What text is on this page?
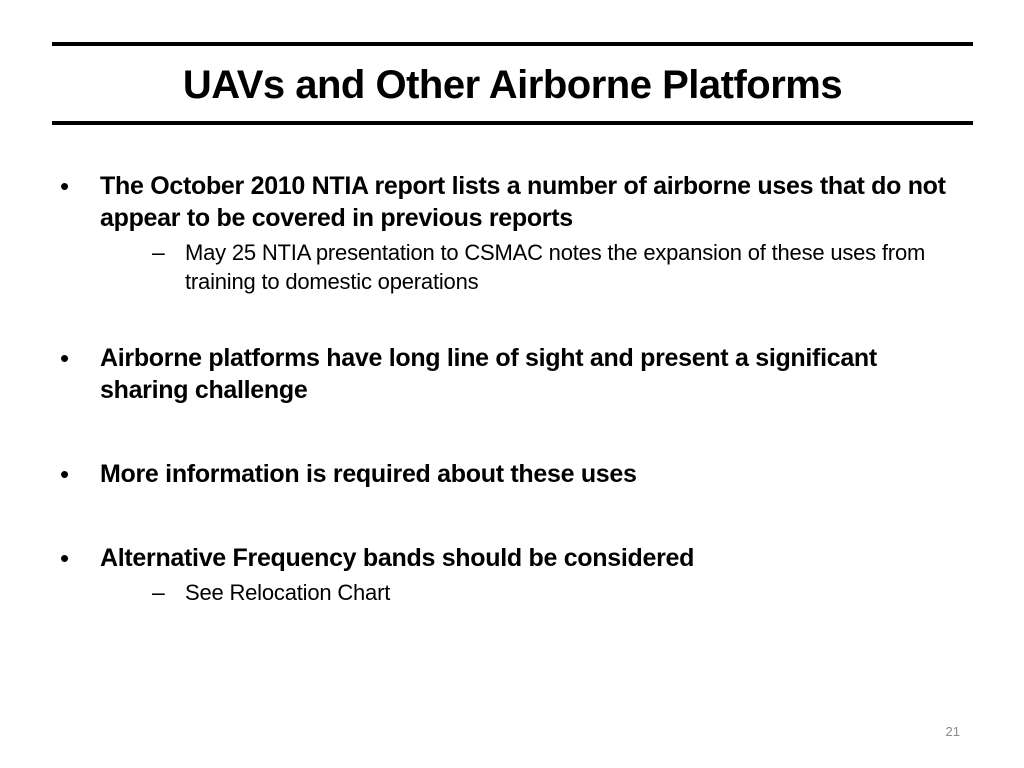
UAVs and Other Airborne Platforms
•	The October 2010 NTIA report lists a number of airborne uses that do not appear to be covered in previous reports
– May 25 NTIA presentation to CSMAC notes the expansion of these uses from training to domestic operations
•	Airborne platforms have long line of sight and present a significant sharing challenge
•	More information is required about these uses
•	Alternative Frequency bands should be considered
– See Relocation Chart
21
